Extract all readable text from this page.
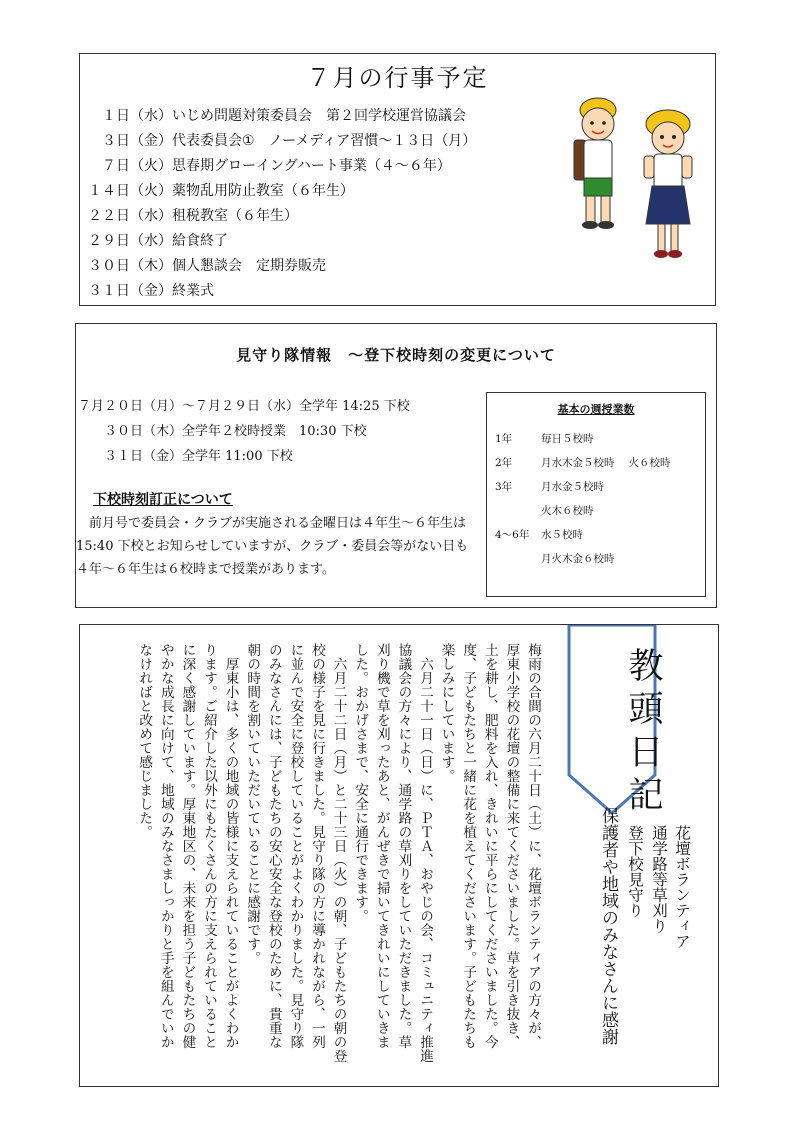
７月の行事予定
　１日（水）いじめ問題対策委員会　第２回学校運営協議会
　３日（金）代表委員会①　ノーメディア習慣～１３日（月）
　７日（火）思春期グローイングハート事業（４～６年）
１４日（火）薬物乱用防止教室（６年生）
２２日（水）租税教室（６年生）
２９日（水）給食終了
３０日（木）個人懇談会　定期券販売
３１日（金）終業式
見守り隊情報　～登下校時刻の変更について
７月２０日（月）～７月２９日（水）全学年 14:25 下校
　　３０日（木）全学年２校時授業　10:30 下校
　　３１日（金）全学年 11:00 下校
下校時刻訂正について
前月号で委員会・クラブが実施される金曜日は４年生～６年生は 15:40 下校とお知らせしていますが、クラブ・委員会等がない日も４年～６年生は６校時まで授業があります。
基本の週授業数
1年	毎日５校時
2年	月水木金５校時 火６校時
3年	月水金５校時
火木６校時
4～6年 水５校時
月火木金６校時
教頭日記
花壇ボランティア
通学路等草刈り
登下校見守り
保護者や地域のみなさんに感謝
梅雨の合間の六月二十日（土）に、花壇ボランティアの方々が、
厚東小学校の花壇の整備に来てくださいました。草を引き抜き、
土を耕し、肥料を入れ、きれいに平らにしてくださいました。今
度、子どもたちと一緒に花を植えてくださいます。子どもたちも
楽しみにしています。
　六月二十一日（日）に、ＰＴＡ、おやじの会、コミュニティ推進
協議会の方々により、通学路の草刈りをしていただきました。草
刈り機で草を刈ったあと、がんぜきで掃いてきれいにしていきま
した。おかげさまで、安全に通行できます。
　六月二十二日（月）と二十三日（火）の朝、子どもたちの朝の登
校の様子を見に行きました。見守り隊の方に導かれながら、一列
に並んで安全に登校していることがよくわかりました。見守り隊
のみなさんには、子どもたちの安心安全な登校のために、貴重な
朝の時間を割いていただいていることに感謝です。
　厚東小は、多くの地域の皆様に支えられていることがよくわか
ります。ご紹介した以外にもたくさんの方に支えられていること
に深く感謝しています。厚東地区の、未来を担う子どもたちの健
やかな成長に向けて、地域のみなさましっかりと手を組んでいか
なければと改めて感じました。
